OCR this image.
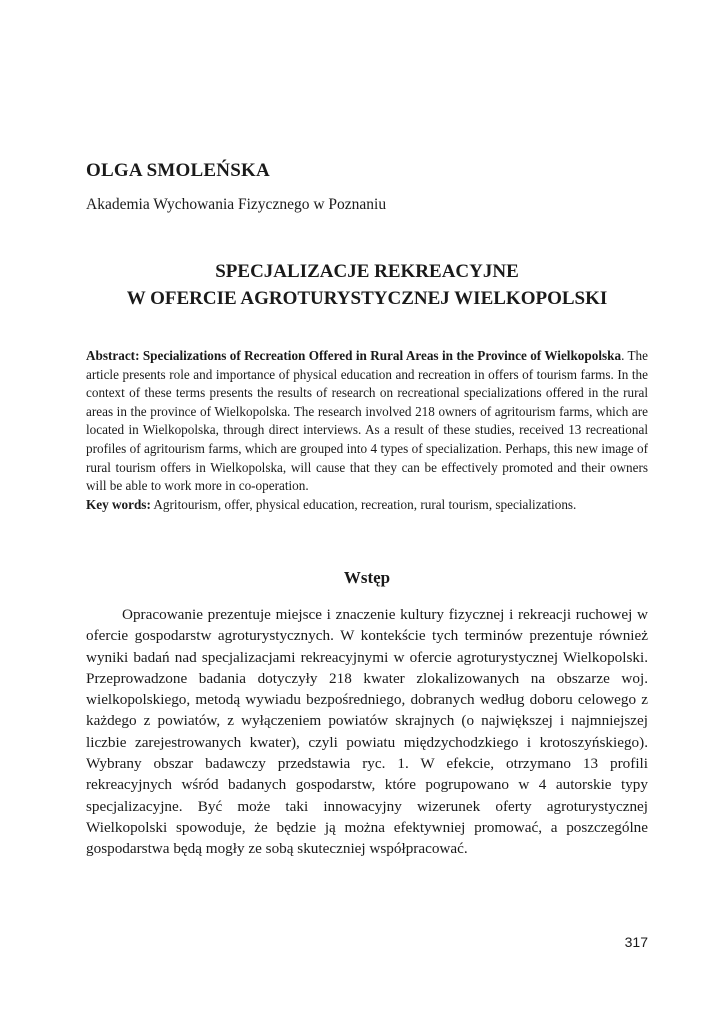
OLGA SMOLEŃSKA
Akademia Wychowania Fizycznego w Poznaniu
SPECJALIZACJE REKREACYJNE
W OFERCIE AGROTURYSTYCZNEJ WIELKOPOLSKI
Abstract: Specializations of Recreation Offered in Rural Areas in the Province of Wielkopolska. The article presents role and importance of physical education and recreation in offers of tourism farms. In the context of these terms presents the results of research on recreational specializations offered in the rural areas in the province of Wielkopolska. The research involved 218 owners of agritourism farms, which are located in Wielkopolska, through direct interviews. As a result of these studies, received 13 recreational profiles of agritourism farms, which are grouped into 4 types of specialization. Perhaps, this new image of rural tourism offers in Wielkopolska, will cause that they can be effectively promoted and their owners will be able to work more in co-operation.
Key words: Agritourism, offer, physical education, recreation, rural tourism, specializations.
Wstęp

Opracowanie prezentuje miejsce i znaczenie kultury fizycznej i rekreacji ruchowej w ofercie gospodarstw agroturystycznych. W kontekście tych terminów prezentuje również wyniki badań nad specjalizacjami rekreacyjnymi w ofercie agroturystycznej Wielkopolski. Przeprowadzone badania dotyczyły 218 kwater zlokalizowanych na obszarze woj. wielkopolskiego, metodą wywiadu bezpośredniego, dobranych według doboru celowego z każdego z powiatów, z wyłączeniem powiatów skrajnych (o największej i najmniejszej liczbie zarejestrowanych kwater), czyli powiatu międzychodzkiego i krotoszyńskiego). Wybrany obszar badawczy przedstawia ryc. 1. W efekcie, otrzymano 13 profili rekreacyjnych wśród badanych gospodarstw, które pogrupowano w 4 autorskie typy specjalizacyjne. Być może taki innowacyjny wizerunek oferty agroturystycznej Wielkopolski spowoduje, że będzie ją można efektywniej promować, a poszczególne gospodarstwa będą mogły ze sobą skuteczniej współpracować.

317
